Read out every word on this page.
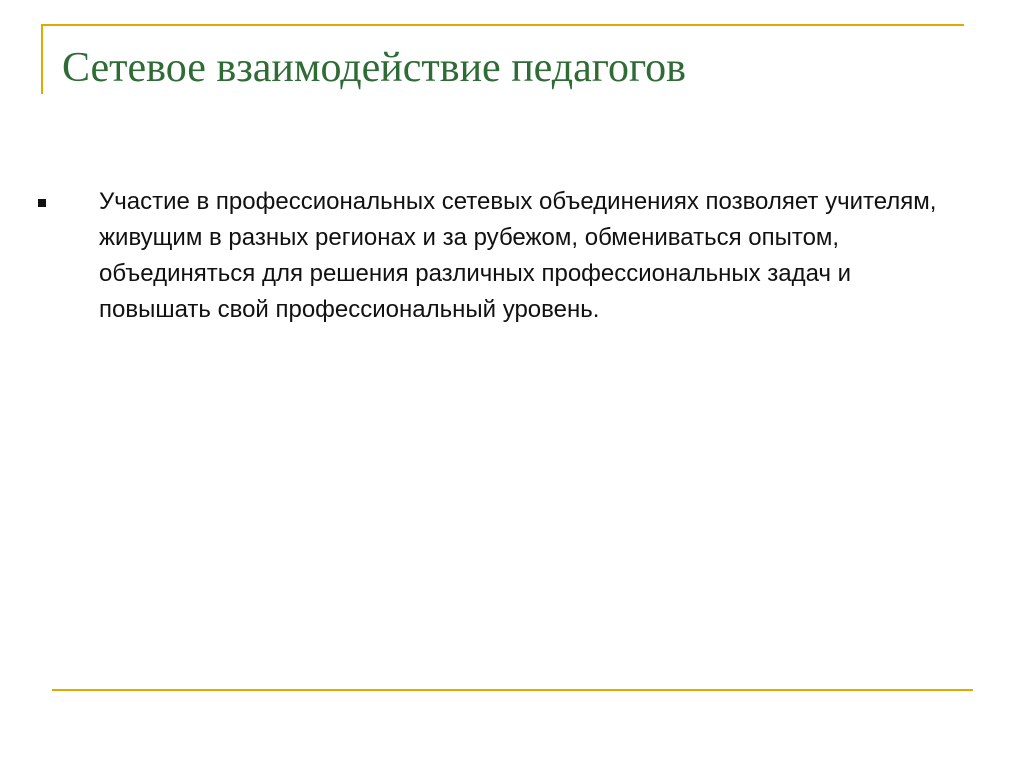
Сетевое взаимодействие педагогов
Участие в профессиональных сетевых объединениях позволяет учителям, живущим в разных регионах и за рубежом, обмениваться опытом, объединяться для решения различных профессиональных задач и повышать свой профессиональный уровень.
